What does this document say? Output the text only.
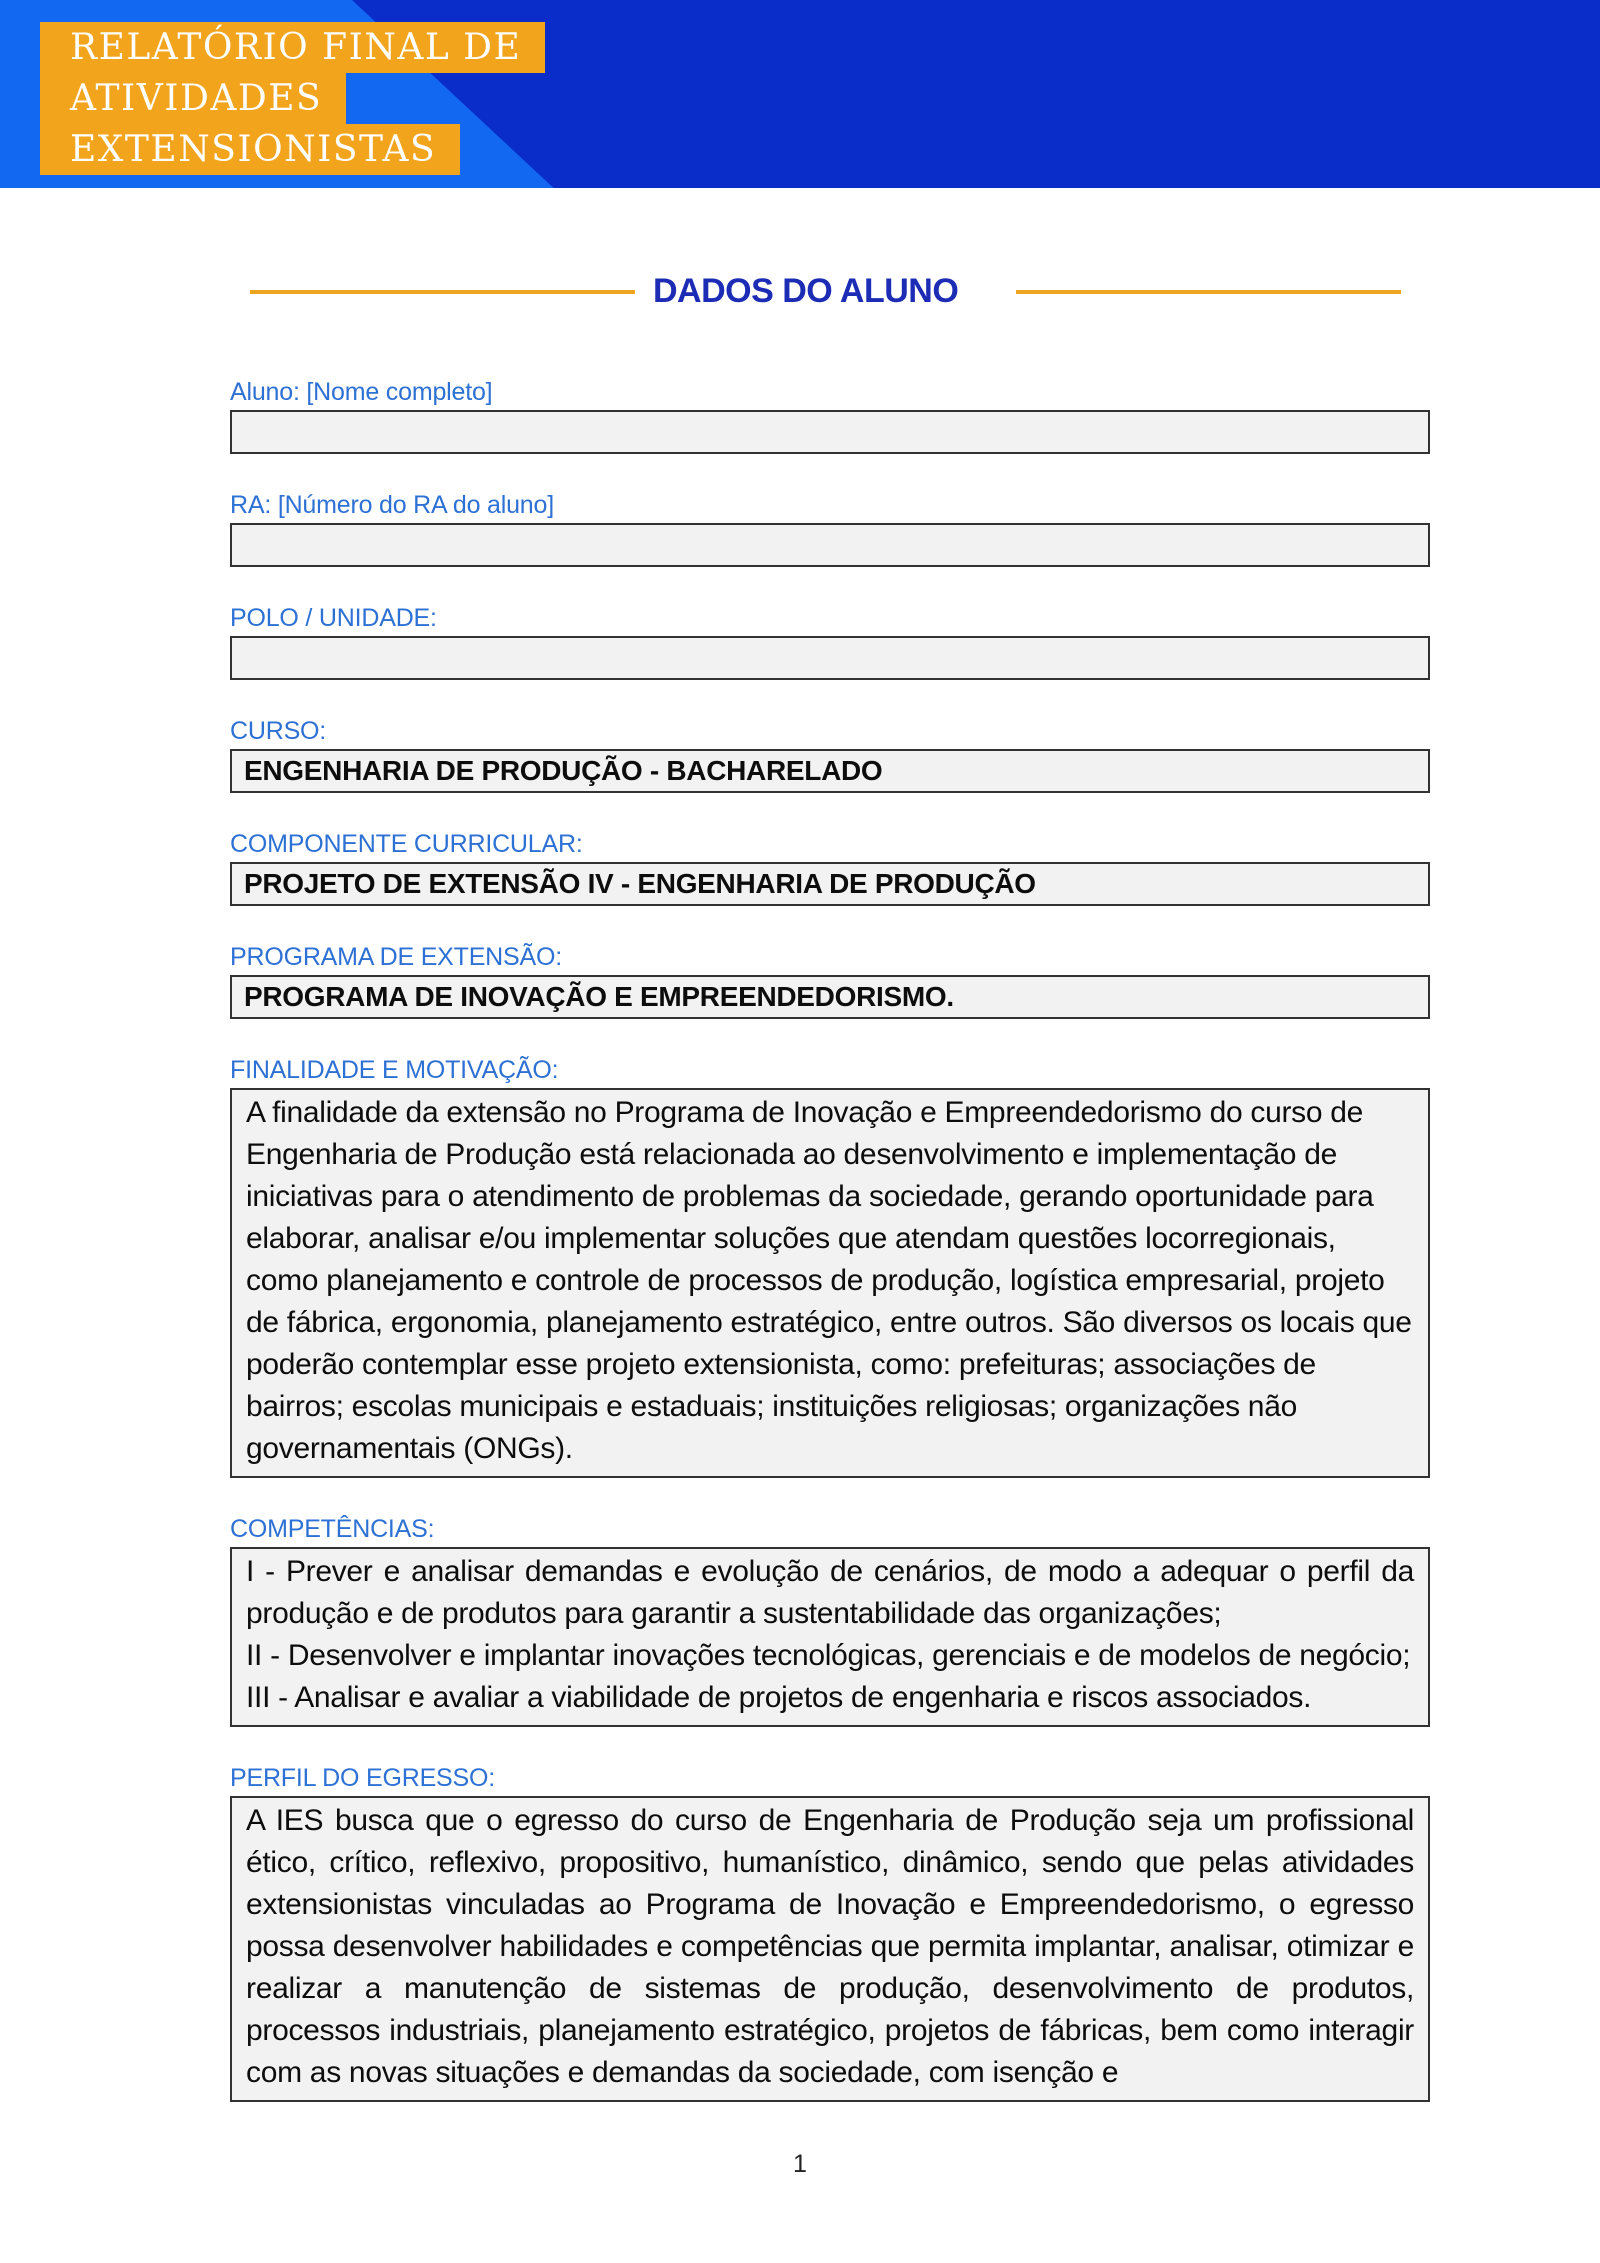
RELATÓRIO FINAL DE
ATIVIDADES
EXTENSIONISTAS
DADOS DO ALUNO
Aluno: [Nome completo]
RA: [Número do RA do aluno]
POLO / UNIDADE:
CURSO:
ENGENHARIA DE PRODUÇÃO - BACHARELADO
COMPONENTE CURRICULAR:
PROJETO DE EXTENSÃO IV - ENGENHARIA DE PRODUÇÃO
PROGRAMA DE EXTENSÃO:
PROGRAMA DE INOVAÇÃO E EMPREENDEDORISMO.
FINALIDADE E MOTIVAÇÃO:

A finalidade da extensão no Programa de Inovação e Empreendedorismo do curso de Engenharia de Produção está relacionada ao desenvolvimento e implementação de iniciativas para o atendimento de problemas da sociedade, gerando oportunidade para elaborar, analisar e/ou implementar soluções que atendam questões locorregionais, como planejamento e controle de processos de produção, logística empresarial, projeto de fábrica, ergonomia, planejamento estratégico, entre outros. São diversos os locais que poderão contemplar esse projeto extensionista, como: prefeituras; associações de bairros; escolas municipais e estaduais; instituições religiosas; organizações não governamentais (ONGs).

COMPETÊNCIAS:

I - Prever e analisar demandas e evolução de cenários, de modo a adequar o perfil da produção e de produtos para garantir a sustentabilidade das organizações;

II - Desenvolver e implantar inovações tecnológicas, gerenciais e de modelos de negócio;

III - Analisar e avaliar a viabilidade de projetos de engenharia e riscos associados.

PERFIL DO EGRESSO:

A IES busca que o egresso do curso de Engenharia de Produção seja um profissional ético, crítico, reflexivo, propositivo, humanístico, dinâmico, sendo que pelas atividades extensionistas vinculadas ao Programa de Inovação e Empreendedorismo, o egresso possa desenvolver habilidades e competências que permita implantar, analisar, otimizar e realizar a manutenção de sistemas de produção, desenvolvimento de produtos, processos industriais, planejamento estratégico, projetos de fábricas, bem como interagir com as novas situações e demandas da sociedade, com isenção e

1
